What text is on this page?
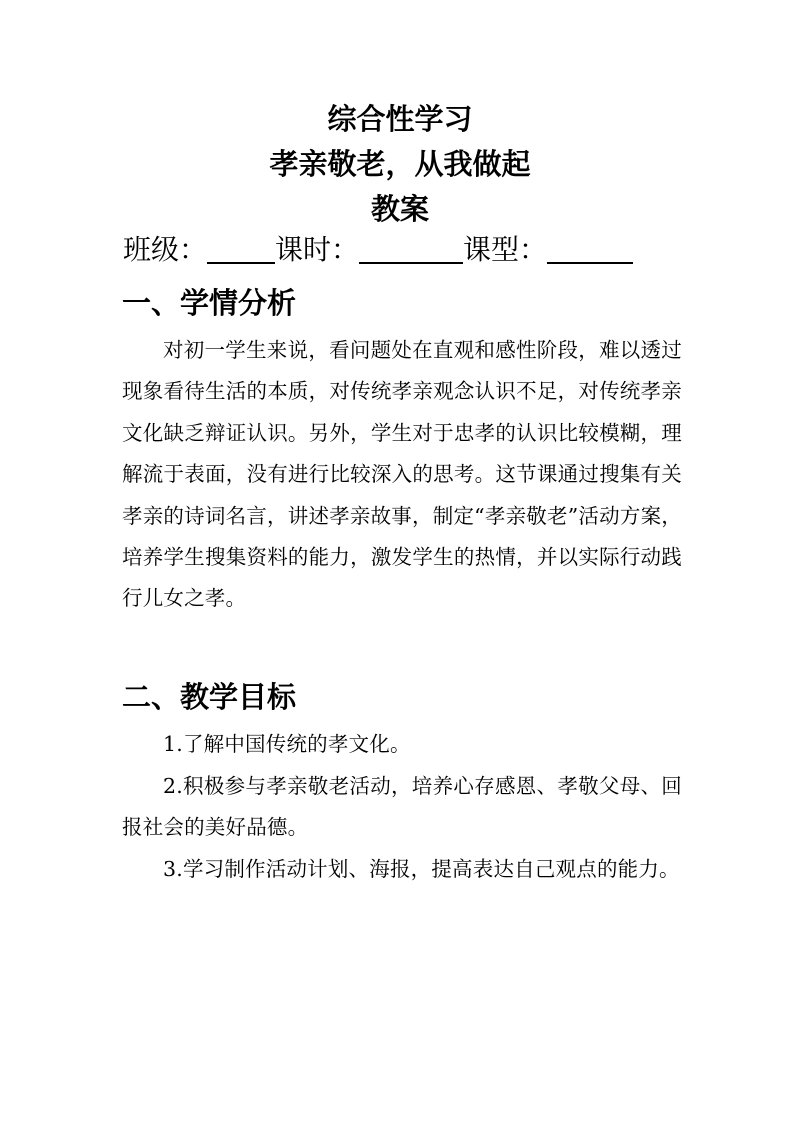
综合性学习
孝亲敬老，从我做起
教案
班级： 课时：	课型：
一、学情分析

对初一学生来说，看问题处在直观和感性阶段，难以透过现象看待生活的本质，对传统孝亲观念认识不足，对传统孝亲文化缺乏辩证认识。另外，学生对于忠孝的认识比较模糊，理解流于表面，没有进行比较深入的思考。这节课通过搜集有关孝亲的诗词名言，讲述孝亲故事，制定“孝亲敬老”活动方案，培养学生搜集资料的能力，激发学生的热情，并以实际行动践行儿女之孝。

二、教学目标

1.了解中国传统的孝文化。

2.积极参与孝亲敬老活动，培养心存感恩、孝敬父母、回报社会的美好品德。

3.学习制作活动计划、海报，提高表达自己观点的能力。
